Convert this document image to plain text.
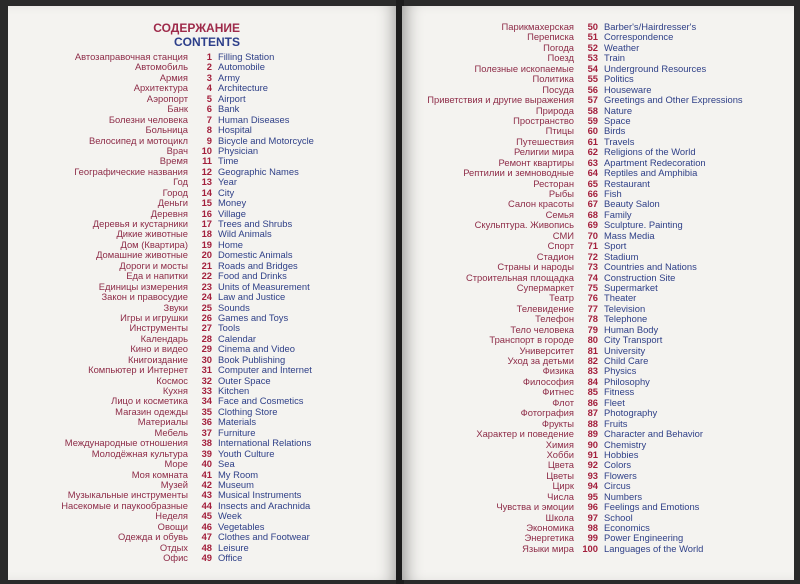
СОДЕРЖАНИЕ
CONTENTS
Автозаправочная станция	1 Filling Station
Автомобиль	2 Automobile
Армия	3 Army
Архитектура	4 Architecture
Аэропорт	5 Airport
Банк	6 Bank
Болезни человека	7 Human Diseases
Больница	8 Hospital
Велосипед и мотоцикл	9 Bicycle and Motorcycle
Врач	10 Physician
Время	11 Time
Географические названия	12 Geographic Names
Год	13 Year
Город	14 City
Деньги	15 Money
Деревня	16 Village
Деревья и кустарники	17 Trees and Shrubs
Дикие животные	18 Wild Animals
Дом (Квартира)	19 Home
Домашние животные	20 Domestic Animals
Дороги и мосты	21 Roads and Bridges
Еда и напитки	22 Food and Drinks
Единицы измерения	23 Units of Measurement
Закон и правосудие	24 Law and Justice
Звуки	25 Sounds
Игры и игрушки	26 Games and Toys
Инструменты	27 Tools
Календарь	28 Calendar
Кино и видео	29 Cinema and Video
Книгоиздание	30 Book Publishing
Компьютер и Интернет	31 Computer and Internet
Космос	32 Outer Space
Кухня	33 Kitchen
Лицо и косметика	34 Face and Cosmetics
Магазин одежды	35 Clothing Store
Материалы	36 Materials
Мебель	37 Furniture
Международные отношения	38 International Relations
Молодёжная культура	39 Youth Culture
Море	40 Sea
Моя комната	41 My Room
Музей	42 Museum
Музыкальные инструменты	43 Musical Instruments
Насекомые и паукообразные	44 Insects and Arachnida
Неделя	45 Week
Овощи	46 Vegetables
Одежда и обувь	47 Clothes and Footwear
Отдых	48 Leisure
Офис	49 Office
Парикмахерская	50 Barber's/Hairdresser's
Переписка	51 Correspondence
Погода	52 Weather
Поезд	53 Train
Полезные ископаемые	54 Underground Resources
Политика	55 Politics
Посуда	56 Houseware
Приветствия и другие выражения	57 Greetings and Other Expressions
Природа	58 Nature
Пространство	59 Space
Птицы	60 Birds
Путешествия	61 Travels
Религии мира	62 Religions of the World
Ремонт квартиры	63 Apartment Redecoration
Рептилии и земноводные	64 Reptiles and Amphibia
Ресторан	65 Restaurant
Рыбы	66 Fish
Салон красоты	67 Beauty Salon
Семья	68 Family
Скульптура. Живопись	69 Sculpture. Painting
СМИ	70 Mass Media
Спорт	71 Sport
Стадион	72 Stadium
Страны и народы	73 Countries and Nations
Строительная площадка	74 Construction Site
Супермаркет	75 Supermarket
Театр	76 Theater
Телевидение	77 Television
Телефон	78 Telephone
Тело человека	79 Human Body
Транспорт в городе	80 City Transport
Университет	81 University
Уход за детьми	82 Child Care
Физика	83 Physics
Философия	84 Philosophy
Фитнес	85 Fitness
Флот	86 Fleet
Фотография	87 Photography
Фрукты	88 Fruits
Характер и поведение	89 Character and Behavior
Химия	90 Chemistry
Хобби	91 Hobbies
Цвета	92 Colors
Цветы	93 Flowers
Цирк	94 Circus
Числа	95 Numbers
Чувства и эмоции	96 Feelings and Emotions
Школа	97 School
Экономика	98 Economics
Энергетика	99 Power Engineering
Языки мира 100 Languages of the World
